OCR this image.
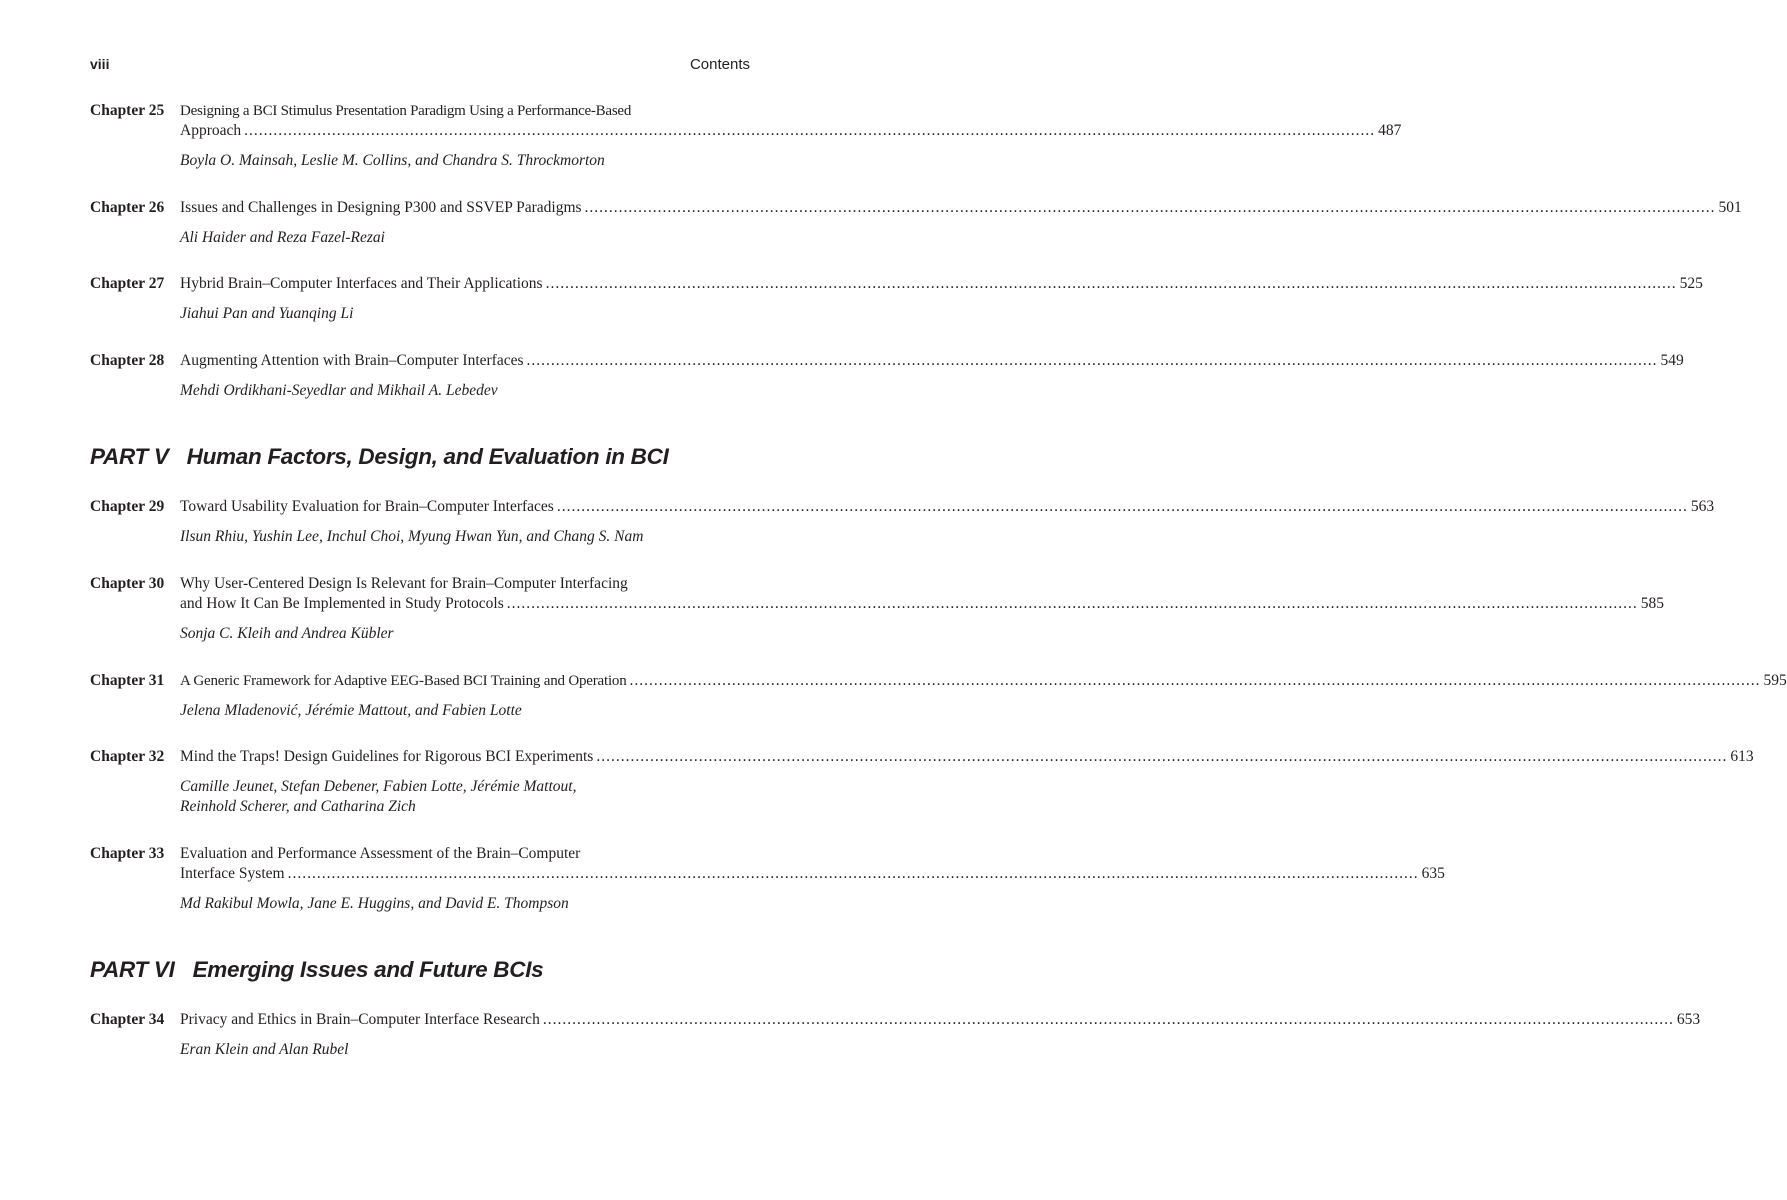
viii	Contents
Chapter 25	Designing a BCI Stimulus Presentation Paradigm Using a Performance-Based
Approach .....	487
Boyla O. Mainsah, Leslie M. Collins, and Chandra S. Throckmorton
Chapter 26	Issues and Challenges in Designing P300 and SSVEP Paradigms .....	501
Ali Haider and Reza Fazel-Rezai
Chapter 27	Hybrid Brain–Computer Interfaces and Their Applications .....	525
Jiahui Pan and Yuanqing Li
Chapter 28	Augmenting Attention with Brain–Computer Interfaces .....	549
Mehdi Ordikhani-Seyedlar and Mikhail A. Lebedev
PART V Human Factors, Design, and Evaluation in BCI
Chapter 29	Toward Usability Evaluation for Brain–Computer Interfaces .....	563
Ilsun Rhiu, Yushin Lee, Inchul Choi, Myung Hwan Yun, and Chang S. Nam
Chapter 30	Why User-Centered Design Is Relevant for Brain–Computer Interfacing
and How It Can Be Implemented in Study Protocols .....	585
Sonja C. Kleih and Andrea Kübler
Chapter 31	A Generic Framework for Adaptive EEG-Based BCI Training and Operation .....	595
Jelena Mladenović, Jérémie Mattout, and Fabien Lotte
Chapter 32	Mind the Traps! Design Guidelines for Rigorous BCI Experiments .....	613
Camille Jeunet, Stefan Debener, Fabien Lotte, Jérémie Mattout,
Reinhold Scherer, and Catharina Zich
Chapter 33	Evaluation and Performance Assessment of the Brain–Computer
Interface System .....	635
Md Rakibul Mowla, Jane E. Huggins, and David E. Thompson
PART VI Emerging Issues and Future BCIs
Chapter 34	Privacy and Ethics in Brain–Computer Interface Research .....	653
Eran Klein and Alan Rubel
